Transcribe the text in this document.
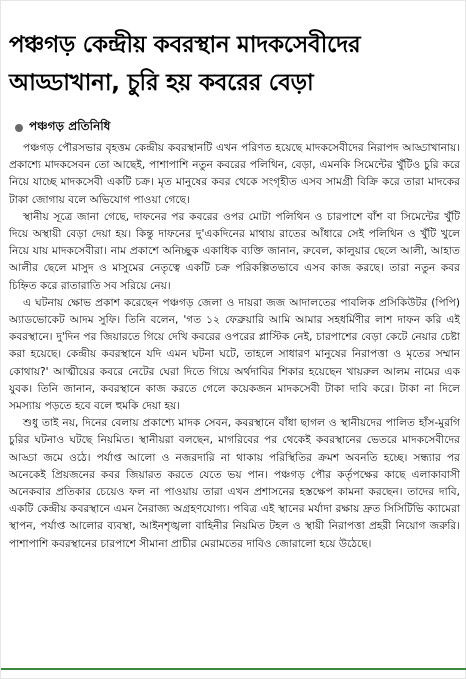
পঞ্চগড় কেন্দ্রীয় কবরস্থান মাদকসেবীদের
আড্ডাখানা, চুরি হয় কবরের বেড়া
পঞ্চগড় প্রতিনিধি

পঞ্চগড় পৌরসভার বৃহত্তম কেন্দ্রীয় কবরস্থানটি এখন পরিণত হয়েছে মাদকসেবীদের নিরাপদ আড্ডাখানায়। প্রকাশ্যে মাদকসেবন তো আছেই, পাশাপাশি নতুন কবরের পলিথিন, বেড়া, এমনকি সিমেন্টের খুঁটিও চুরি করে নিয়ে যাচ্ছে মাদকসেবী একটি চক্র। মৃত মানুষের কবর থেকে সংগৃহীত এসব সামগ্রী বিক্রি করে তারা মাদকের টাকা জোগায় বলে অভিযোগ পাওয়া গেছে।

স্থানীয় সূত্রে জানা গেছে, দাফনের পর কবরের ওপর মোটা পলিথিন ও চারপাশে বাঁশ বা সিমেন্টের খুঁটি দিয়ে অস্থায়ী বেড়া দেয়া হয়। কিন্তু দাফনের দু'একদিনের মাথায় রাতের আঁধারে সেই পলিথিন ও খুঁটি খুলে নিয়ে যায় মাদকসেবীরা। নাম প্রকাশে অনিচ্ছুক একাধিক ব্যক্তি জানান, রুবেল, কালুয়ার ছেলে আলী, আহাত আলীর ছেলে মাসুদ ও মাসুমের নেতৃত্বে একটি চক্র পরিকল্পিতভাবে এসব কাজ করছে। তারা নতুন কবর চিহ্নিত করে রাতারাতি সব সরিয়ে নেয়।

এ ঘটনায় ক্ষোভ প্রকাশ করেছেন পঞ্চগড় জেলা ও দায়রা জজ আদালতের পাবলিক প্রসিকিউটর (পিপি) অ্যাডভোকেট আদম সুফি। তিনি বলেন, 'গত ১২ ফেব্রুয়ারি আমি আমার সহধর্মিণীর লাশ দাফন করি এই কবরস্থানে। দু'দিন পর জিয়ারতে গিয়ে দেখি কবরের ওপরের প্লাস্টিক নেই, চারপাশের বেড়া কেটে নেয়ার চেষ্টা করা হয়েছে। কেন্দ্রীয় কবরস্থানে যদি এমন ঘটনা ঘটে, তাহলে সাধারণ মানুষের নিরাপত্তা ও মৃতের সম্মান কোথায়?' আত্মীয়ের কবরে নেটের ঘেরা দিতে গিয়ে অর্থদাবির শিকার হয়েছেন খায়রুল আলম নামের এক যুবক। তিনি জানান, কবরস্থানে কাজ করতে গেলে কয়েকজন মাদকসেবী টাকা দাবি করে। টাকা না দিলে সমস্যায় পড়তে হবে বলে হুমকি দেয়া হয়।

শুধু তাই নয়, দিনের বেলায় প্রকাশ্যে মাদক সেবন, কবরস্থানে বাঁধা ছাগল ও স্থানীয়দের পালিত হাঁস-মুরগি চুরির ঘটনাও ঘটছে নিয়মিত। স্থানীয়রা বলছেন, মাগরিবের পর থেকেই কবরস্থানের ভেতরে মাদকসেবীদের আড্ডা জমে ওঠে। পর্যাপ্ত আলো ও নজরদারি না থাকায় পরিস্থিতির ক্রমশ অবনতি হচ্ছে। সন্ধ্যার পর অনেকেই প্রিয়জনের কবর জিয়ারত করতে যেতে ভয় পান। পঞ্চগড় পৌর কর্তৃপক্ষের কাছে এলাকাবাসী অনেকবার প্রতিকার চেয়েও ফল না পাওয়ায় তারা এখন প্রশাসনের হস্তক্ষেপ কামনা করছেন। তাদের দাবি, একটি কেন্দ্রীয় কবরস্থানে এমন নৈরাজ্য অগ্রহণযোগ্য। পবিত্র এই স্থানের মর্যাদা রক্ষায় দ্রুত সিসিটিভি ক্যামেরা স্থাপন, পর্যাপ্ত আলোর ব্যবস্থা, আইনশৃঙ্খলা বাহিনীর নিয়মিত টহল ও স্থায়ী নিরাপত্তা প্রহরী নিয়োগ জরুরি। পাশাপাশি কবরস্থানের চারপাশে সীমানা প্রাচীর মেরামতের দাবিও জোরালো হয়ে উঠেছে।
